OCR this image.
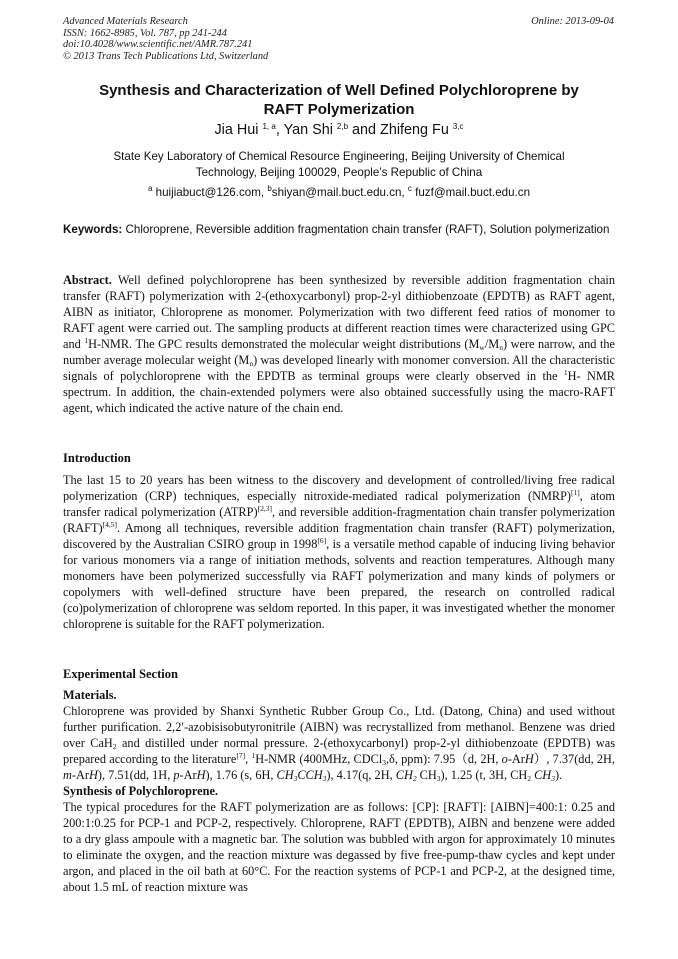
Advanced Materials Research
ISSN: 1662-8985, Vol. 787, pp 241-244
doi:10.4028/www.scientific.net/AMR.787.241
© 2013 Trans Tech Publications Ltd, Switzerland
Online: 2013-09-04
Synthesis and Characterization of Well Defined Polychloroprene by
RAFT Polymerization
Jia Hui $^{1, a}$, Yan Shi $^{2,b}$ and Zhifeng Fu $^{3,c}$
State Key Laboratory of Chemical Resource Engineering, Beijing University of Chemical
Technology, Beijing 100029, People’s Republic of China
$^a$ huijiabuct@126.com, $^b$shiyan@mail.buct.edu.cn, $^c$ fuzf@mail.buct.edu.cn
Keywords: Chloroprene, Reversible addition fragmentation chain transfer (RAFT), Solution polymerization
Abstract. Well defined polychloroprene has been synthesized by reversible addition fragmentation chain transfer (RAFT) polymerization with 2-(ethoxycarbonyl) prop-2-yl dithiobenzoate (EPDTB) as RAFT agent, AIBN as initiator, Chloroprene as monomer. Polymerization with two different feed ratios of monomer to RAFT agent were carried out. The sampling products at different reaction times were characterized using GPC and $^1$H-NMR. The GPC results demonstrated the molecular weight distributions $(M_w/M_n)$ were narrow, and the number average molecular weight $(M_n)$ was developed linearly with monomer conversion. All the characteristic signals of polychloroprene with the EPDTB as terminal groups were clearly observed in the $^1$H- NMR spectrum. In addition, the chain-extended polymers were also obtained successfully using the macro-RAFT agent, which indicated the active nature of the chain end.
Introduction
The last 15 to 20 years has been witness to the discovery and development of controlled/living free radical polymerization (CRP) techniques, especially nitroxide-mediated radical polymerization (NMRP)[1], atom transfer radical polymerization (ATRP)[2,3], and reversible addition-fragmentation chain transfer polymerization (RAFT)[4,5]. Among all techniques, reversible addition fragmentation chain transfer (RAFT) polymerization, discovered by the Australian CSIRO group in 1998[6], is a versatile method capable of inducing living behavior for various monomers via a range of initiation methods, solvents and reaction temperatures. Although many monomers have been polymerized successfully via RAFT polymerization and many kinds of polymers or copolymers with well-defined structure have been prepared, the research on controlled radical (co)polymerization of chloroprene was seldom reported. In this paper, it was investigated whether the monomer chloroprene is suitable for the RAFT polymerization.
Experimental Section
Materials.
Chloroprene was provided by Shanxi Synthetic Rubber Group Co., Ltd. (Datong, China) and used without further purification. 2,2′-azobisisobutyronitrile (AIBN) was recrystallized from methanol. Benzene was dried over CaH$_2$ and distilled under normal pressure. 2-(ethoxycarbonyl) prop-2-yl dithiobenzoate (EPDTB) was prepared according to the literature[7], $^1$H-NMR (400MHz, CDCl$_3$,δ, ppm): 7.95（d, 2H, o-ArH）, 7.37(dd, 2H, m-ArH), 7.51(dd, 1H, p-ArH), 1.76 (s, 6H, $CH_3CCH_3$), 4.17(q, 2H, $CH_2$ $CH_3$), 1.25 (t, 3H, $CH_2$ $CH_3$).
Synthesis of Polychloroprene.
The typical procedures for the RAFT polymerization are as follows: [CP]: [RAFT]: [AIBN]=400:1: 0.25 and 200:1:0.25 for PCP-1 and PCP-2, respectively. Chloroprene, RAFT (EPDTB), AIBN and benzene were added to a dry glass ampoule with a magnetic bar. The solution was bubbled with argon for approximately 10 minutes to eliminate the oxygen, and the reaction mixture was degassed by five free-pump-thaw cycles and kept under argon, and placed in the oil bath at 60°C. For the reaction systems of PCP-1 and PCP-2, at the designed time, about 1.5 mL of reaction mixture was
